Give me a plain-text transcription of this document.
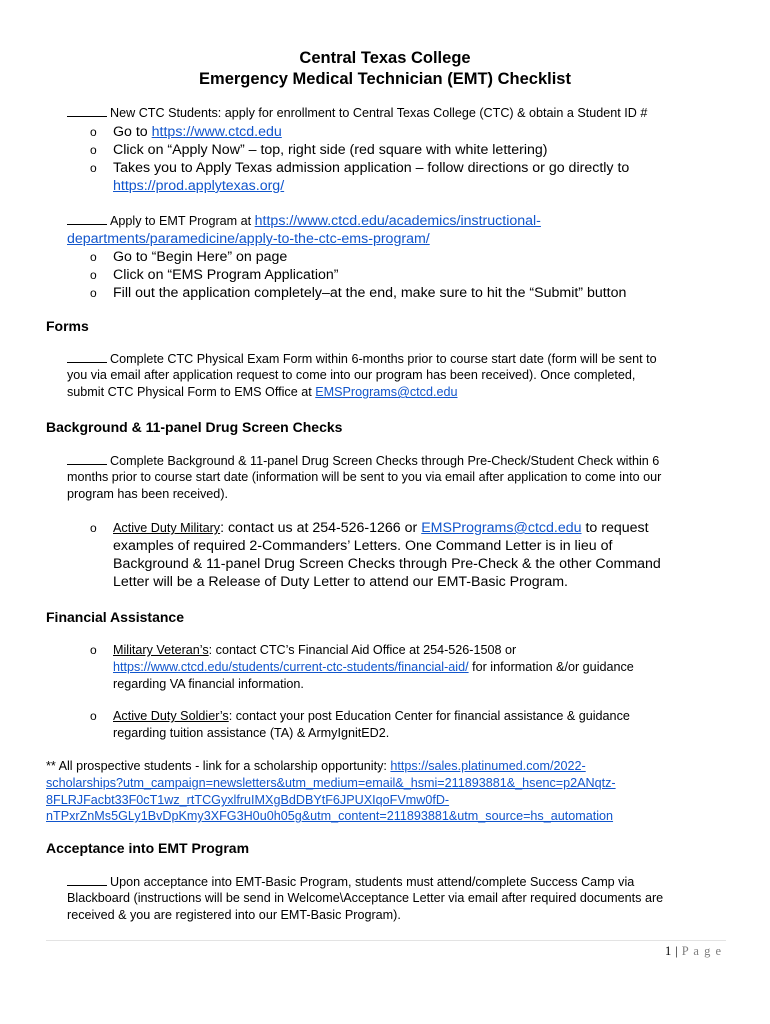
Central Texas College
Emergency Medical Technician (EMT) Checklist
New CTC Students: apply for enrollment to Central Texas College (CTC) & obtain a Student ID #
o Go to https://www.ctcd.edu
o Click on “Apply Now” – top, right side (red square with white lettering)
o Takes you to Apply Texas admission application – follow directions or go directly to
https://prod.applytexas.org/
Apply to EMT Program at https://www.ctcd.edu/academics/instructional-
departments/paramedicine/apply-to-the-ctc-ems-program/
o Go to “Begin Here” on page
o Click on “EMS Program Application”
o Fill out the application completely–at the end, make sure to hit the “Submit” button
Forms
Complete CTC Physical Exam Form within 6-months prior to course start date (form will be sent to
you via email after application request to come into our program has been received). Once completed,
submit CTC Physical Form to EMS Office at EMSPrograms@ctcd.edu
Background & 11-panel Drug Screen Checks
Complete Background & 11-panel Drug Screen Checks through Pre-Check/Student Check within 6
months prior to course start date (information will be sent to you via email after application to come into our
program has been received).
o Active Duty Military: contact us at 254-526-1266 or EMSPrograms@ctcd.edu to request
examples of required 2-Commanders’ Letters. One Command Letter is in lieu of
Background & 11-panel Drug Screen Checks through Pre-Check & the other Command
Letter will be a Release of Duty Letter to attend our EMT-Basic Program.
Financial Assistance
o Military Veteran’s: contact CTC’s Financial Aid Office at 254-526-1508 or
https://www.ctcd.edu/students/current-ctc-students/financial-aid/ for information &/or guidance
regarding VA financial information.
o Active Duty Soldier’s: contact your post Education Center for financial assistance & guidance
regarding tuition assistance (TA) & ArmyIgnitED2.
** All prospective students - link for a scholarship opportunity: https://sales.platinumed.com/2022-
scholarships?utm_campaign=newsletters&utm_medium=email&_hsmi=211893881&_hsenc=p2ANqtz-
8FLRJFacbt33F0cT1wz_rtTCGyxlfruIMXgBdDBYtF6JPUXIqoFVmw0fD-
nTPxrZnMs5GLy1BvDpKmy3XFG3H0u0h05g&utm_content=211893881&utm_source=hs_automation
Acceptance into EMT Program
Upon acceptance into EMT-Basic Program, students must attend/complete Success Camp via
Blackboard (instructions will be send in Welcome\Acceptance Letter via email after required documents are
received & you are registered into our EMT-Basic Program).
1 | P a g e
